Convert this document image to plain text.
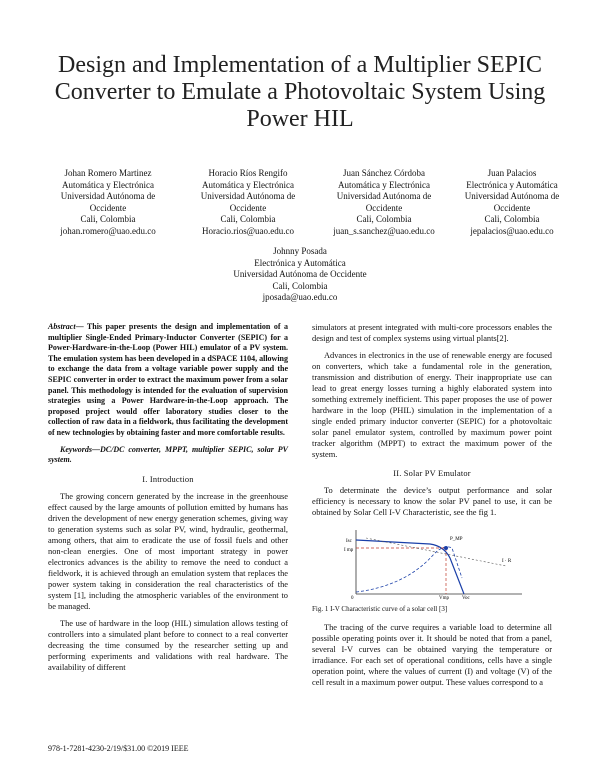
Design and Implementation of a Multiplier SEPIC
Converter to Emulate a Photovoltaic System Using
Power HIL
Johan Romero Martinez
Automática y Electrónica
Universidad Autónoma de
Occidente
Cali, Colombia
johan.romero@uao.edu.co
Horacio Ríos Rengifo
Automática y Electrónica
Universidad Autónoma de
Occidente
Cali, Colombia
Horacio.rios@uao.edu.co
Juan Sánchez Córdoba
Automática y Electrónica
Universidad Autónoma de
Occidente
Cali, Colombia
juan_s.sanchez@uao.edu.co
Juan Palacios
Electrónica y Automática
Universidad Autónoma de
Occidente
Cali, Colombia
jepalacios@uao.edu.co
Johnny Posada
Electrónica y Automática
Universidad Autónoma de Occidente
Cali, Colombia
jposada@uao.edu.co
Abstract— This paper presents the design and implementation of a multiplier Single-Ended Primary-Inductor Converter (SEPIC) for a Power-Hardware-in-the-Loop (Power HIL) emulator of a PV system. The emulation system has been developed in a dSPACE 1104, allowing to exchange the data from a voltage variable power supply and the SEPIC converter in order to extract the maximum power from a solar panel. This methodology is intended for the evaluation of supervision strategies using a Power Hardware-in-the-Loop approach. The proposed project would offer laboratory studies closer to the collection of raw data in a fieldwork, thus facilitating the development of new technologies by obtaining faster and more comfortable results.
Keywords—DC/DC converter, MPPT, multiplier SEPIC, solar PV system.
I. Introduction

The growing concern generated by the increase in the greenhouse effect caused by the large amounts of pollution emitted by humans has driven the development of new energy generation schemes, giving way to generation systems such as solar PV, wind, hydraulic, geothermal, among others, that aim to eradicate the use of fossil fuels and other non-clean energies. One of most important strategy in power electronics advances is the ability to remove the need to conduct a fieldwork, it is achieved through an emulation system that replaces the power system taking in consideration the real characteristics of the system [1], including the atmospheric variables of the environment to be managed.

The use of hardware in the loop (HIL) simulation allows testing of controllers into a simulated plant before to connect to a real converter decreasing the time consumed by the researcher setting up and performing experiments and validations with real hardware. The availability of different

simulators at present integrated with multi-core processors enables the design and test of complex systems using virtual plants[2].

Advances in electronics in the use of renewable energy are focused on converters, which take a fundamental role in the generation, transmission and distribution of energy. Their inappropriate use can lead to great energy losses turning a highly elaborated system into something extremely inefficient. This paper proposes the use of power hardware in the loop (PHIL) simulation in the implementation of a single ended primary inductor converter (SEPIC) for a photovoltaic solar panel emulator system, controlled by maximum power point tracker algorithm (MPPT) to extract the maximum power of the system.

II. Solar PV Emulator

To determinate the device’s output performance and solar efficiency is necessary to know the solar PV panel to use, it can be obtained by Solar Cell I-V Characteristic, see the fig 1.

Isc
I mp
P_MP
I · R
0	Vmp	Voc

Fig. 1 I-V Characteristic curve of a solar cell [3]

The tracing of the curve requires a variable load to determine all possible operating points over it. It should be noted that from a panel, several I-V curves can be obtained varying the temperature or irradiance. For each set of operational conditions, cells have a single operation point, where the values of current (I) and voltage (V) of the cell result in a maximum power output. These values correspond to a

978-1-7281-4230-2/19/$31.00 ©2019 IEEE
